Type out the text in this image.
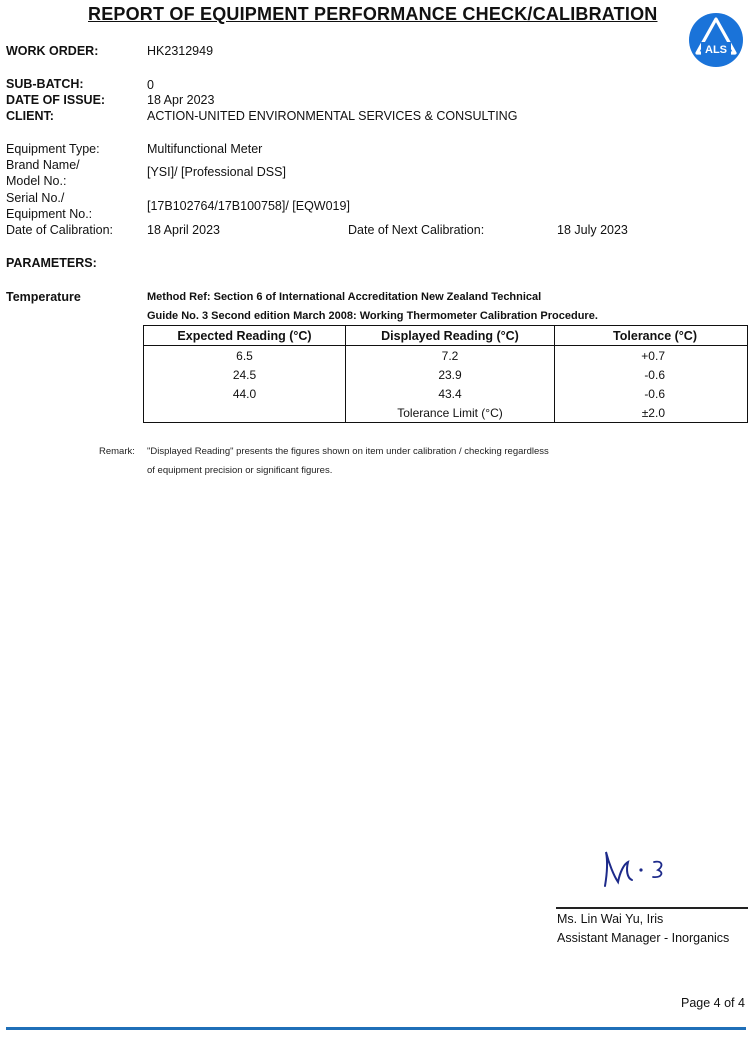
REPORT OF EQUIPMENT PERFORMANCE CHECK/CALIBRATION
ALS
WORK ORDER:	HK2312949
SUB-BATCH:	0
DATE OF ISSUE:	18 Apr 2023
CLIENT:	ACTION-UNITED ENVIRONMENTAL SERVICES & CONSULTING
Equipment Type:	Multifunctional Meter
Brand Name/
Model No.:
[YSI]/ [Professional DSS]
Serial No./
Equipment No.:
[17B102764/17B100758]/ [EQW019]
Date of Calibration:	18 April 2023	Date of Next Calibration:	18 July 2023
PARAMETERS:
Temperature	Method Ref: Section 6 of International Accreditation New Zealand Technical
Guide No. 3 Second edition March 2008: Working Thermometer Calibration Procedure.
Expected Reading (°C)	Displayed Reading (°C)	Tolerance (°C)
6.5	7.2	+0.7
24.5	23.9	-0.6
44.0	43.4	-0.6
	Tolerance Limit (°C)	±2.0
Remark: "Displayed Reading" presents the figures shown on item under calibration / checking regardless
of equipment precision or significant figures.
Ms. Lin Wai Yu, Iris
Assistant Manager - Inorganics
Page 4 of 4
